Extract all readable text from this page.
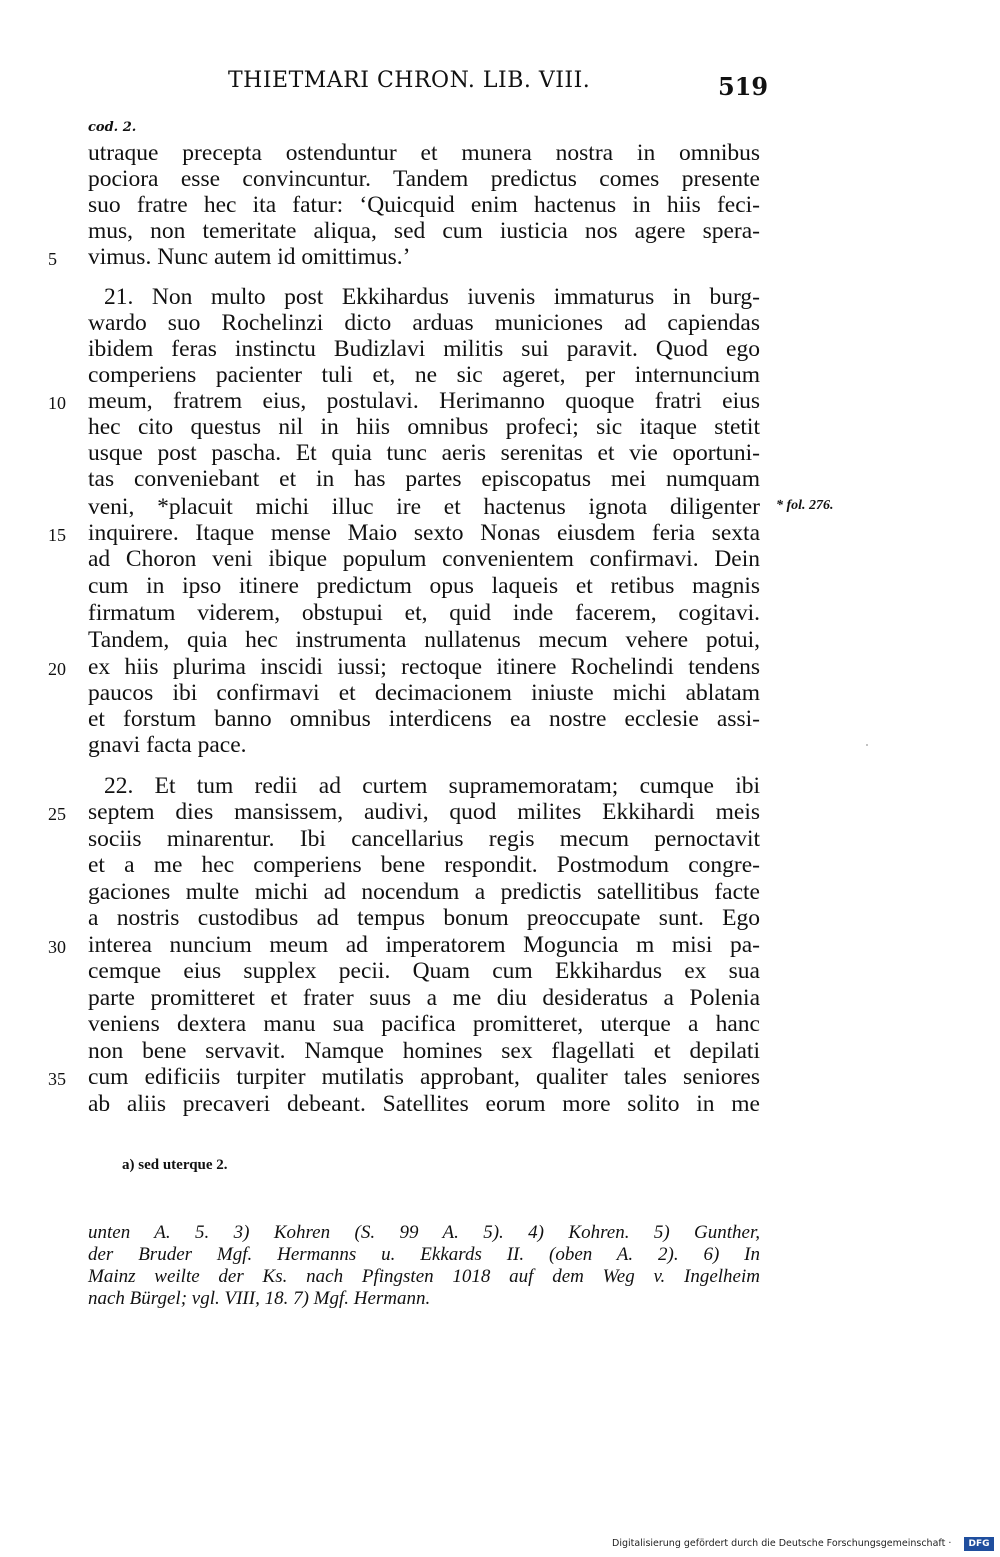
THIETMARI CHRON. LIB. VIII.	519
cod. 2.
utraque precepta ostenduntur et munera nostra in omnibus
pociora esse convincuntur. Tandem predictus comes presente
suo fratre hec ita fatur: ‘Quicquid enim hactenus in hiis feci-
mus, non temeritate aliqua, sed cum iusticia nos agere spera-
vimus. Nunc autem id omittimus.’
21. Non multo post Ekkihardus iuvenis immaturus in burg-
wardo suo Rochelinzi dicto arduas municiones ad capiendas
ibidem feras instinctu Budizlavi militis sui paravit. Quod ego
comperiens pacienter tuli et, ne sic ageret, per internuncium
meum, fratrem eius, postulavi. Herimanno quoque fratri eius
hec cito questus nil in hiis omnibus profeci; sic itaque stetit
usque post pascha. Et quia tunc aeris serenitas et vie oportuni-
tas conveniebant et in has partes episcopatus mei numquam
veni, *placuit michi illuc ire et hactenus ignota diligenter
inquirere. Itaque mense Maio sexto Nonas eiusdem feria sexta
ad Choron veni ibique populum convenientem confirmavi. Dein
cum in ipso itinere predictum opus laqueis et retibus magnis
firmatum viderem, obstupui et, quid inde facerem, cogitavi.
Tandem, quia hec instrumenta nullatenus mecum vehere potui,
ex hiis plurima inscidi iussi; rectoque itinere Rochelindi tendens
paucos ibi confirmavi et decimacionem iniuste michi ablatam
et forstum banno omnibus interdicens ea nostre ecclesie assi-
gnavi facta pace.
22. Et tum redii ad curtem supramemoratam; cumque ibi
septem dies mansissem, audivi, quod milites Ekkihardi meis
sociis minarentur. Ibi cancellarius regis mecum pernoctavit
et a me hec comperiens bene respondit. Postmodum congre-
gaciones multe michi ad nocendum a predictis satellitibus facte
a nostris custodibus ad tempus bonum preoccupate sunt. Ego
interea nuncium meum ad imperatorem Moguncia m misi pa-
cemque eius supplex pecii. Quam cum Ekkihardus ex sua
parte promitteret et frater suus a me diu desideratus a Polenia
veniens dextera manu sua pacifica promitteret, uterque a hanc
non bene servavit. Namque homines sex flagellati et depilati
cum edificiis turpiter mutilatis approbant, qualiter tales seniores
ab aliis precaveri debeant. Satellites eorum more solito in me
5
10
15
20
25
30
35
* fol. 276.
a) sed uterque 2.
unten A. 5. 3) Kohren (S. 99 A. 5). 4) Kohren. 5) Gunther,
der Bruder Mgf. Hermanns u. Ekkards II. (oben A. 2). 6) In
Mainz weilte der Ks. nach Pfingsten 1018 auf dem Weg v. Ingelheim
nach Bürgel; vgl. VIII, 18. 7) Mgf. Hermann.
Digitalisierung gefördert durch die Deutsche Forschungsgemeinschaft ·	DFG
